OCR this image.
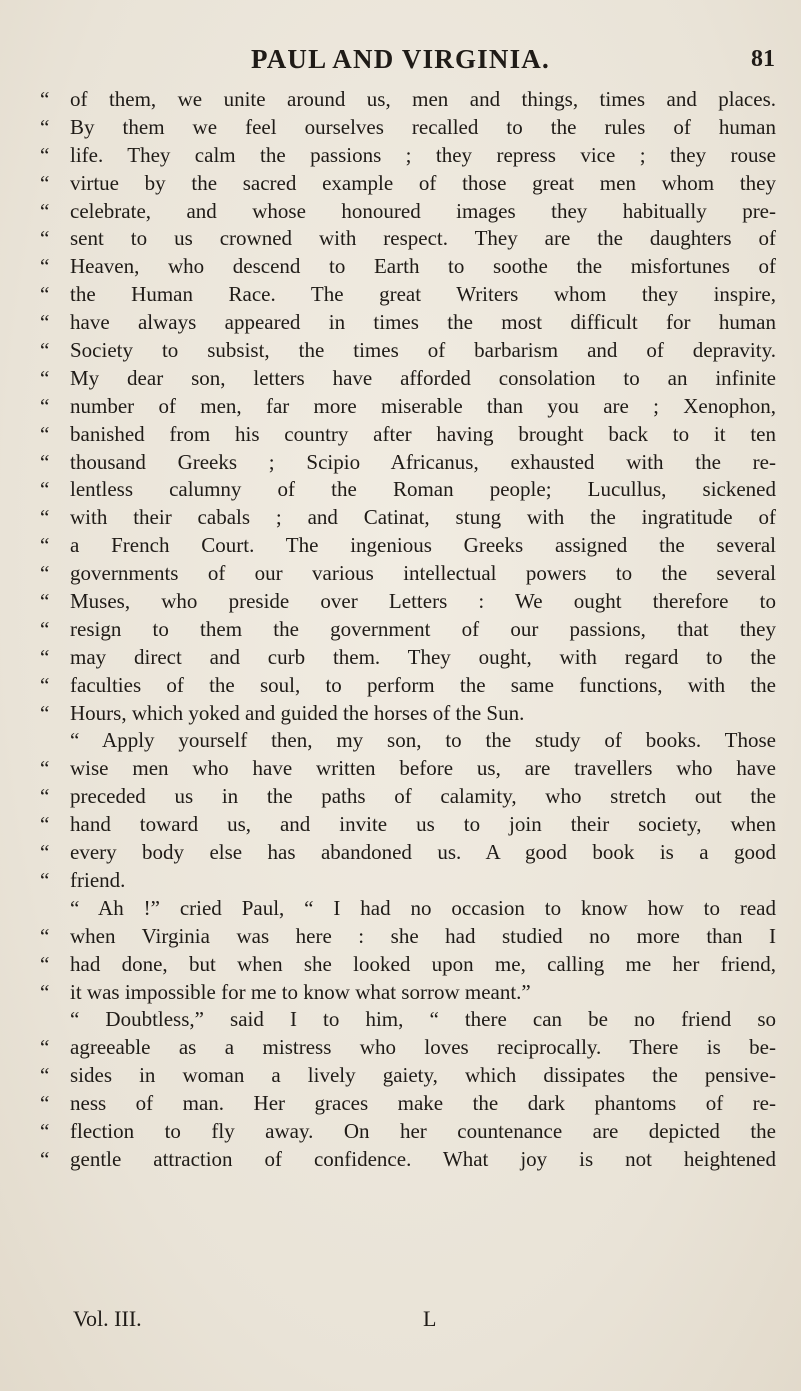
PAUL AND VIRGINIA.	81
“ of them, we unite around us, men and things, times and places.
“ By them we feel ourselves recalled to the rules of human
“ life. They calm the passions ; they repress vice ; they rouse
“ virtue by the sacred example of those great men whom they
“ celebrate, and whose honoured images they habitually pre-
“ sent to us crowned with respect. They are the daughters of
“ Heaven, who descend to Earth to soothe the misfortunes of
“ the Human Race. The great Writers whom they inspire,
“ have always appeared in times the most difficult for human
“ Society to subsist, the times of barbarism and of depravity.
“ My dear son, letters have afforded consolation to an infinite
“ number of men, far more miserable than you are ; Xenophon,
“ banished from his country after having brought back to it ten
“ thousand Greeks ; Scipio Africanus, exhausted with the re-
“ lentless calumny of the Roman people; Lucullus, sickened
“ with their cabals ; and Catinat, stung with the ingratitude of
“ a French Court. The ingenious Greeks assigned the several
“ governments of our various intellectual powers to the several
“ Muses, who preside over Letters : We ought therefore to
“ resign to them the government of our passions, that they
“ may direct and curb them. They ought, with regard to the
“ faculties of the soul, to perform the same functions, with the
“ Hours, which yoked and guided the horses of the Sun.
“ Apply yourself then, my son, to the study of books. Those
“ wise men who have written before us, are travellers who have
“ preceded us in the paths of calamity, who stretch out the
“ hand toward us, and invite us to join their society, when
“ every body else has abandoned us. A good book is a good
“ friend.
“ Ah !” cried Paul, “ I had no occasion to know how to read
“ when Virginia was here : she had studied no more than I
“ had done, but when she looked upon me, calling me her friend,
“ it was impossible for me to know what sorrow meant.”
“ Doubtless,” said I to him, “ there can be no friend so
“ agreeable as a mistress who loves reciprocally. There is be-
“ sides in woman a lively gaiety, which dissipates the pensive-
“ ness of man. Her graces make the dark phantoms of re-
“ flection to fly away. On her countenance are depicted the
“ gentle attraction of confidence. What joy is not heightened
Vol. III.	L
